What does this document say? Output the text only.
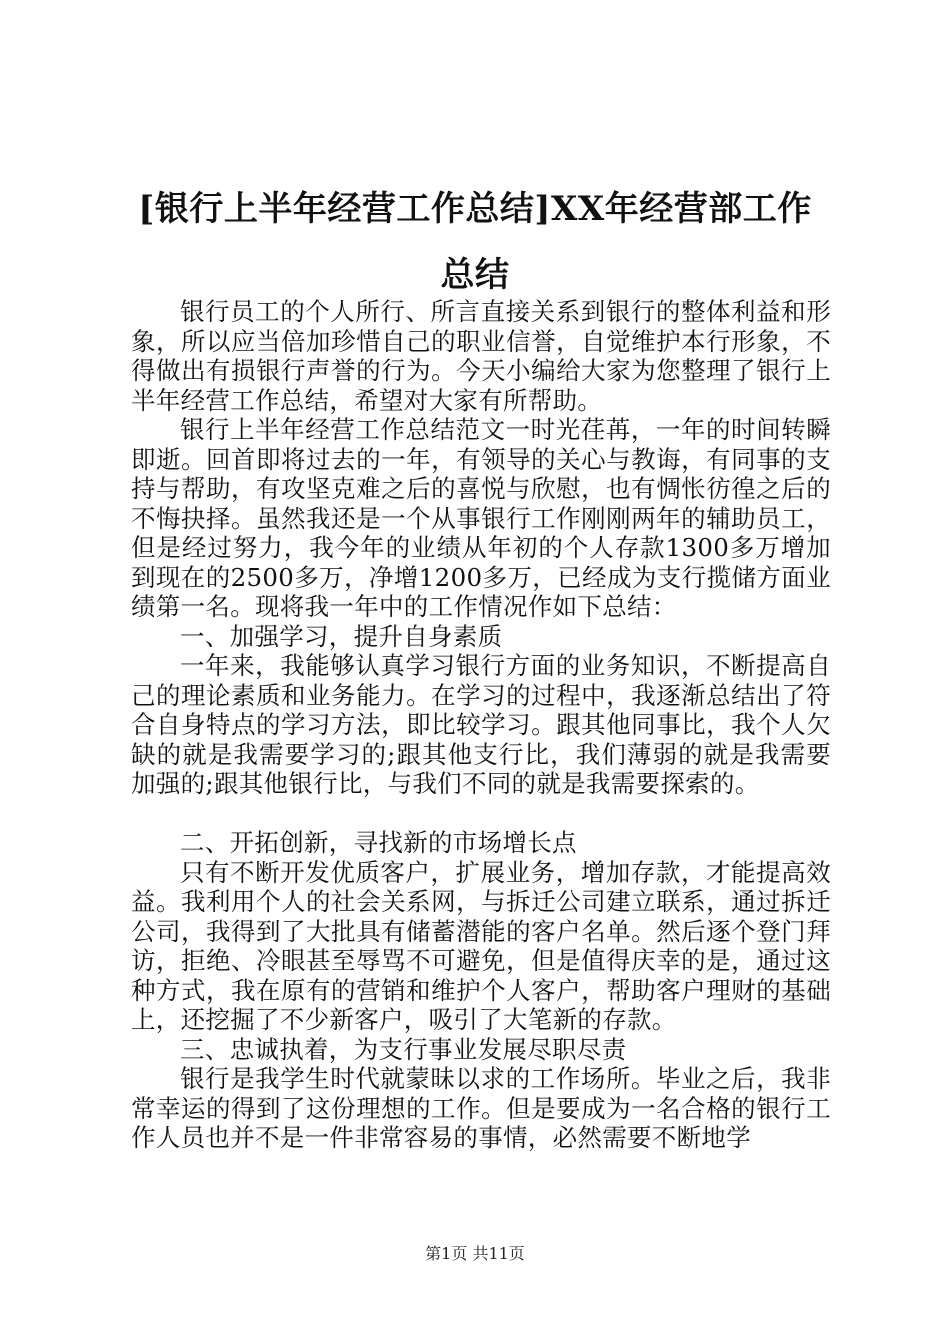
[银行上半年经营工作总结]XX年经营部工作
总结

银行员工的个人所行、所言直接关系到银行的整体利益和形象，所以应当倍加珍惜自己的职业信誉，自觉维护本行形象，不得做出有损银行声誉的行为。今天小编给大家为您整理了银行上半年经营工作总结，希望对大家有所帮助。

银行上半年经营工作总结范文一时光荏苒，一年的时间转瞬即逝。回首即将过去的一年，有领导的关心与教诲，有同事的支持与帮助，有攻坚克难之后的喜悦与欣慰，也有惆怅彷徨之后的不悔抉择。虽然我还是一个从事银行工作刚刚两年的辅助员工，但是经过努力，我今年的业绩从年初的个人存款1300多万增加到现在的2500多万，净增1200多万，已经成为支行揽储方面业绩第一名。现将我一年中的工作情况作如下总结：

一、加强学习，提升自身素质

一年来，我能够认真学习银行方面的业务知识，不断提高自己的理论素质和业务能力。在学习的过程中，我逐渐总结出了符合自身特点的学习方法，即比较学习。跟其他同事比，我个人欠缺的就是我需要学习的;跟其他支行比，我们薄弱的就是我需要加强的;跟其他银行比，与我们不同的就是我需要探索的。

二、开拓创新，寻找新的市场增长点

只有不断开发优质客户，扩展业务，增加存款，才能提高效益。我利用个人的社会关系网，与拆迁公司建立联系，通过拆迁公司，我得到了大批具有储蓄潜能的客户名单。然后逐个登门拜访，拒绝、冷眼甚至辱骂不可避免，但是值得庆幸的是，通过这种方式，我在原有的营销和维护个人客户，帮助客户理财的基础上，还挖掘了不少新客户，吸引了大笔新的存款。

三、忠诚执着，为支行事业发展尽职尽责

银行是我学生时代就蒙昧以求的工作场所。毕业之后，我非常幸运的得到了这份理想的工作。但是要成为一名合格的银行工作人员也并不是一件非常容易的事情，必然需要不断地学

第1页 共11页
